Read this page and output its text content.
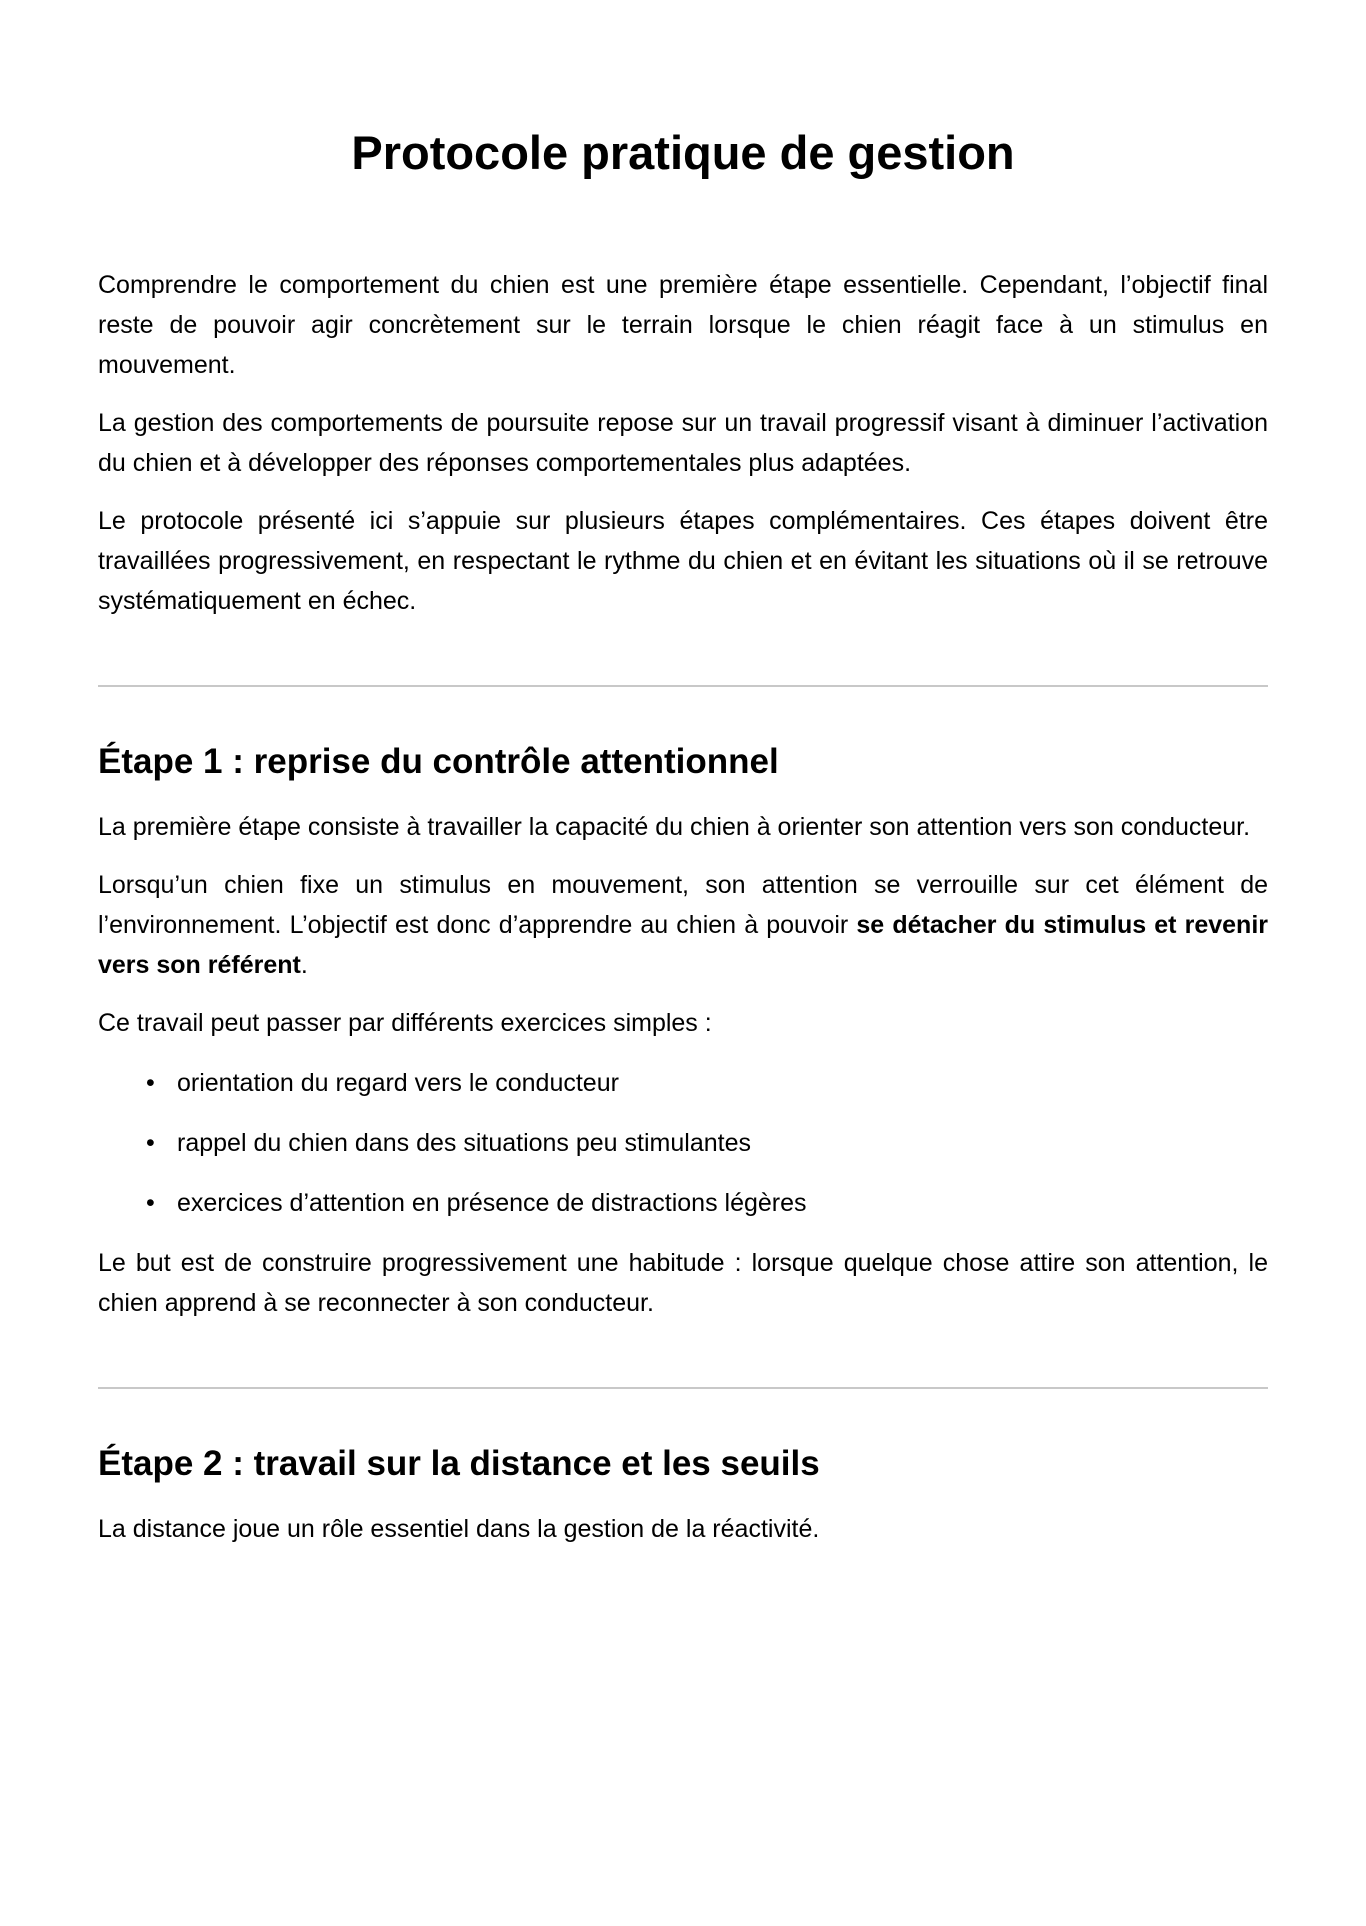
Protocole pratique de gestion

Comprendre le comportement du chien est une première étape essentielle. Cependant, l’objectif final reste de pouvoir agir concrètement sur le terrain lorsque le chien réagit face à un stimulus en mouvement.

La gestion des comportements de poursuite repose sur un travail progressif visant à diminuer l’activation du chien et à développer des réponses comportementales plus adaptées.

Le protocole présenté ici s’appuie sur plusieurs étapes complémentaires. Ces étapes doivent être travaillées progressivement, en respectant le rythme du chien et en évitant les situations où il se retrouve systématiquement en échec.

Étape 1 : reprise du contrôle attentionnel

La première étape consiste à travailler la capacité du chien à orienter son attention vers son conducteur.

Lorsqu’un chien fixe un stimulus en mouvement, son attention se verrouille sur cet élément de l’environnement. L’objectif est donc d’apprendre au chien à pouvoir se détacher du stimulus et revenir vers son référent.

Ce travail peut passer par différents exercices simples :

• orientation du regard vers le conducteur
• rappel du chien dans des situations peu stimulantes
• exercices d’attention en présence de distractions légères

Le but est de construire progressivement une habitude : lorsque quelque chose attire son attention, le chien apprend à se reconnecter à son conducteur.

Étape 2 : travail sur la distance et les seuils

La distance joue un rôle essentiel dans la gestion de la réactivité.
